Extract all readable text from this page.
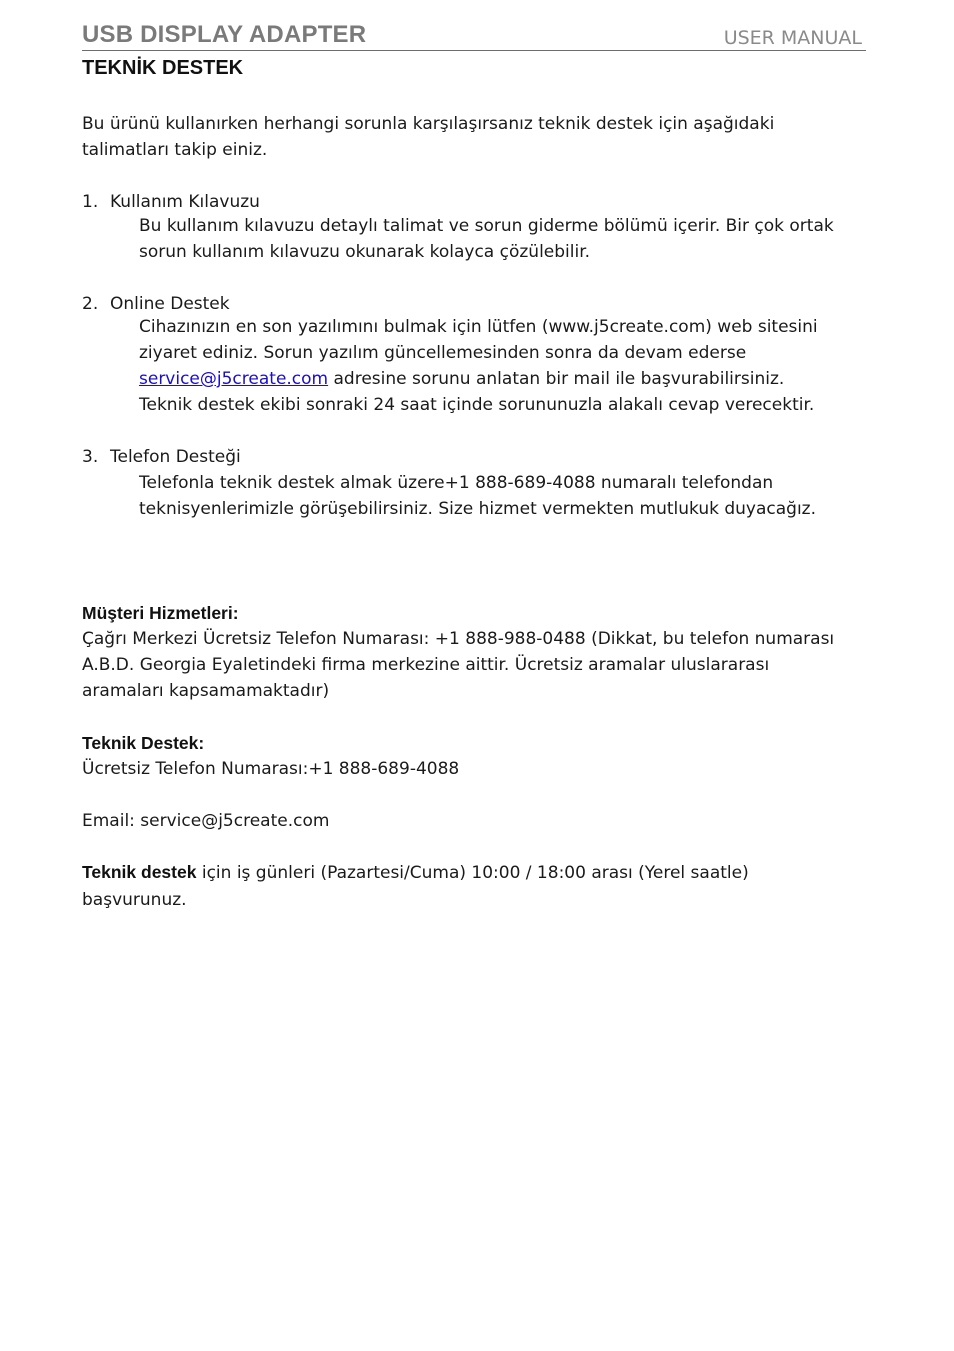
USB DISPLAY ADAPTER	USER MANUAL
TEKNİK DESTEK
Bu ürünü kullanırken herhangi sorunla karşılaşırsanız teknik destek için aşağıdaki
talimatları takip einiz.
1. Kullanım Kılavuzu
Bu kullanım kılavuzu detaylı talimat ve sorun giderme bölümü içerir. Bir çok ortak
sorun kullanım kılavuzu okunarak kolayca çözülebilir.
2. Online Destek
Cihazınızın en son yazılımını bulmak için lütfen (www.j5create.com) web sitesini
ziyaret ediniz. Sorun yazılım güncellemesinden sonra da devam ederse
service@j5create.com adresine sorunu anlatan bir mail ile başvurabilirsiniz.
Teknik destek ekibi sonraki 24 saat içinde sorununuzla alakalı cevap verecektir.
3. Telefon Desteği
Telefonla teknik destek almak üzere+1 888-689-4088 numaralı telefondan
teknisyenlerimizle görüşebilirsiniz. Size hizmet vermekten mutlukuk duyacağız.
Müşteri Hizmetleri:
Çağrı Merkezi Ücretsiz Telefon Numarası: +1 888-988-0488 (Dikkat, bu telefon numarası
A.B.D. Georgia Eyaletindeki firma merkezine aittir. Ücretsiz aramalar uluslararası
aramaları kapsamamaktadır)
Teknik Destek:
Ücretsiz Telefon Numarası:+1 888-689-4088
Email: service@j5create.com
Teknik destek için iş günleri (Pazartesi/Cuma) 10:00 / 18:00 arası (Yerel saatle)
başvurunuz.
